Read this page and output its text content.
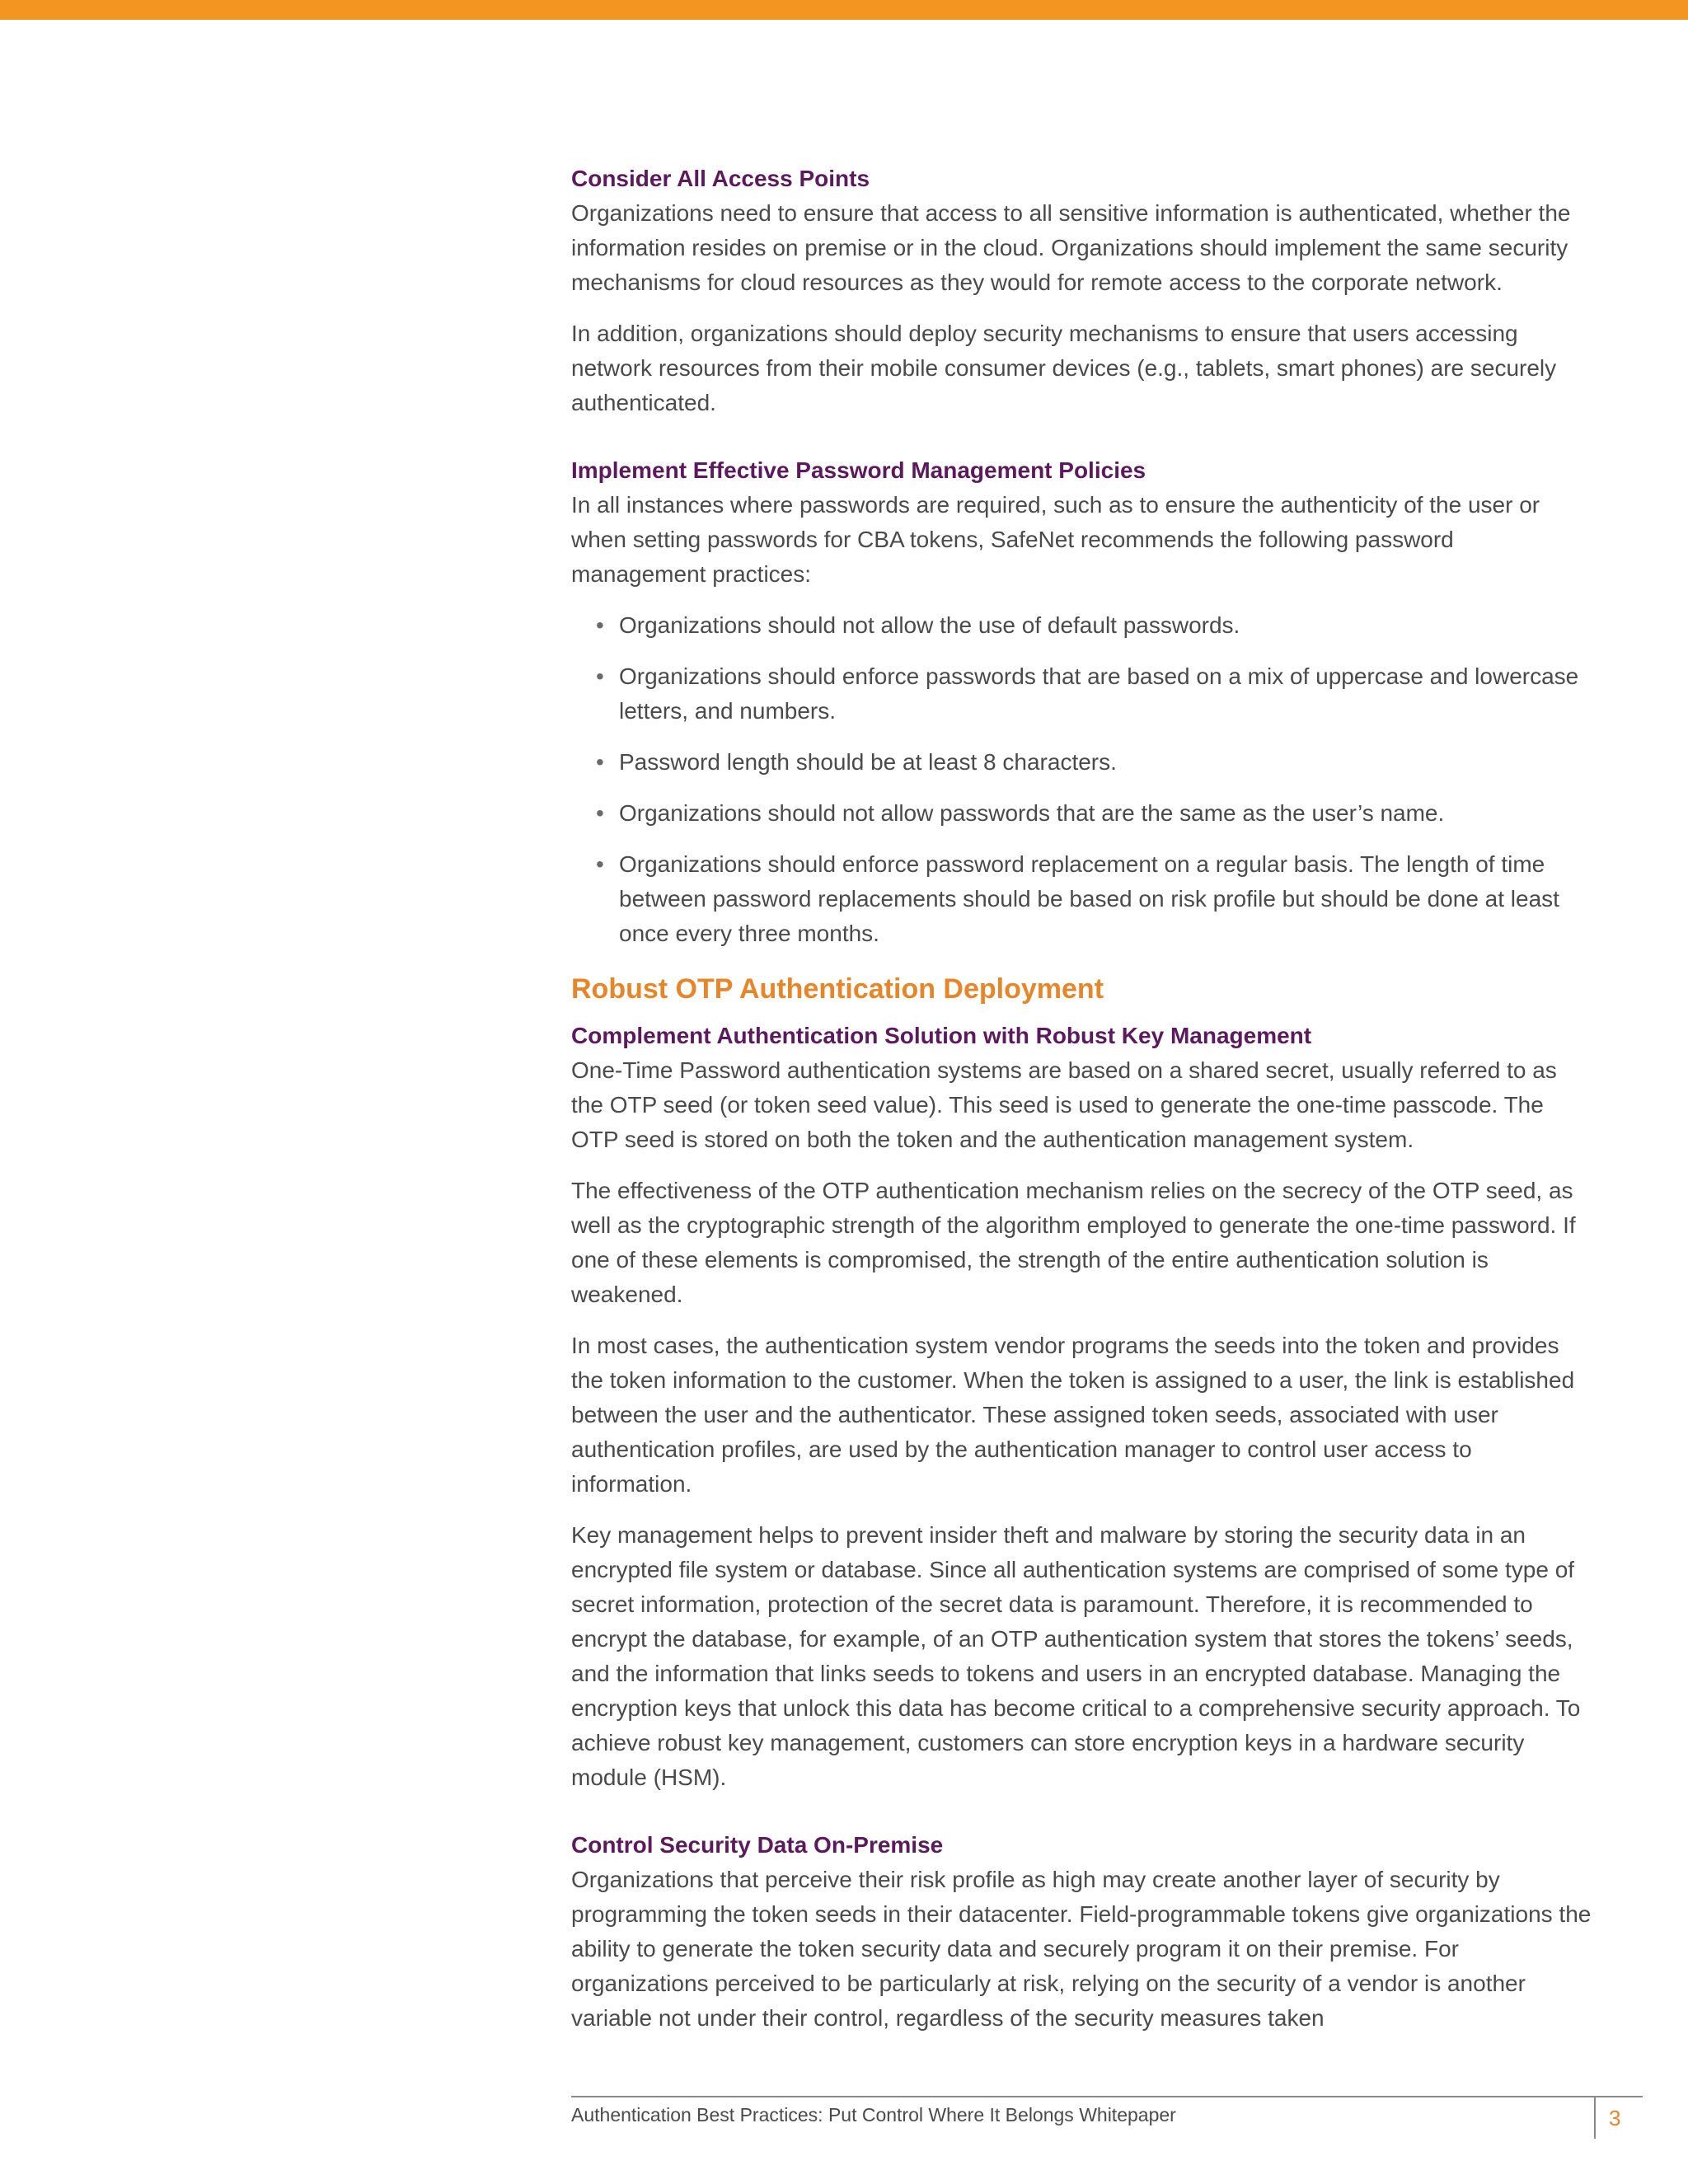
Consider All Access Points

Organizations need to ensure that access to all sensitive information is authenticated, whether the information resides on premise or in the cloud. Organizations should implement the same security mechanisms for cloud resources as they would for remote access to the corporate network.

In addition, organizations should deploy security mechanisms to ensure that users accessing network resources from their mobile consumer devices (e.g., tablets, smart phones) are securely authenticated.

Implement Effective Password Management Policies

In all instances where passwords are required, such as to ensure the authenticity of the user or when setting passwords for CBA tokens, SafeNet recommends the following password management practices:

• Organizations should not allow the use of default passwords.
• Organizations should enforce passwords that are based on a mix of uppercase and lowercase letters, and numbers.
• Password length should be at least 8 characters.
• Organizations should not allow passwords that are the same as the user’s name.
• Organizations should enforce password replacement on a regular basis. The length of time between password replacements should be based on risk profile but should be done at least once every three months.
Robust OTP Authentication Deployment
Complement Authentication Solution with Robust Key Management

One-Time Password authentication systems are based on a shared secret, usually referred to as the OTP seed (or token seed value). This seed is used to generate the one-time passcode. The OTP seed is stored on both the token and the authentication management system.

The effectiveness of the OTP authentication mechanism relies on the secrecy of the OTP seed, as well as the cryptographic strength of the algorithm employed to generate the one-time password. If one of these elements is compromised, the strength of the entire authentication solution is weakened.

In most cases, the authentication system vendor programs the seeds into the token and provides the token information to the customer. When the token is assigned to a user, the link is established between the user and the authenticator. These assigned token seeds, associated with user authentication profiles, are used by the authentication manager to control user access to information.

Key management helps to prevent insider theft and malware by storing the security data in an encrypted file system or database. Since all authentication systems are comprised of some type of secret information, protection of the secret data is paramount. Therefore, it is recommended to encrypt the database, for example, of an OTP authentication system that stores the tokens’ seeds, and the information that links seeds to tokens and users in an encrypted database. Managing the encryption keys that unlock this data has become critical to a comprehensive security approach. To achieve robust key management, customers can store encryption keys in a hardware security module (HSM).

Control Security Data On-Premise

Organizations that perceive their risk profile as high may create another layer of security by programming the token seeds in their datacenter. Field-programmable tokens give organizations the ability to generate the token security data and securely program it on their premise. For organizations perceived to be particularly at risk, relying on the security of a vendor is another variable not under their control, regardless of the security measures taken

Authentication Best Practices: Put Control Where It Belongs Whitepaper	3
